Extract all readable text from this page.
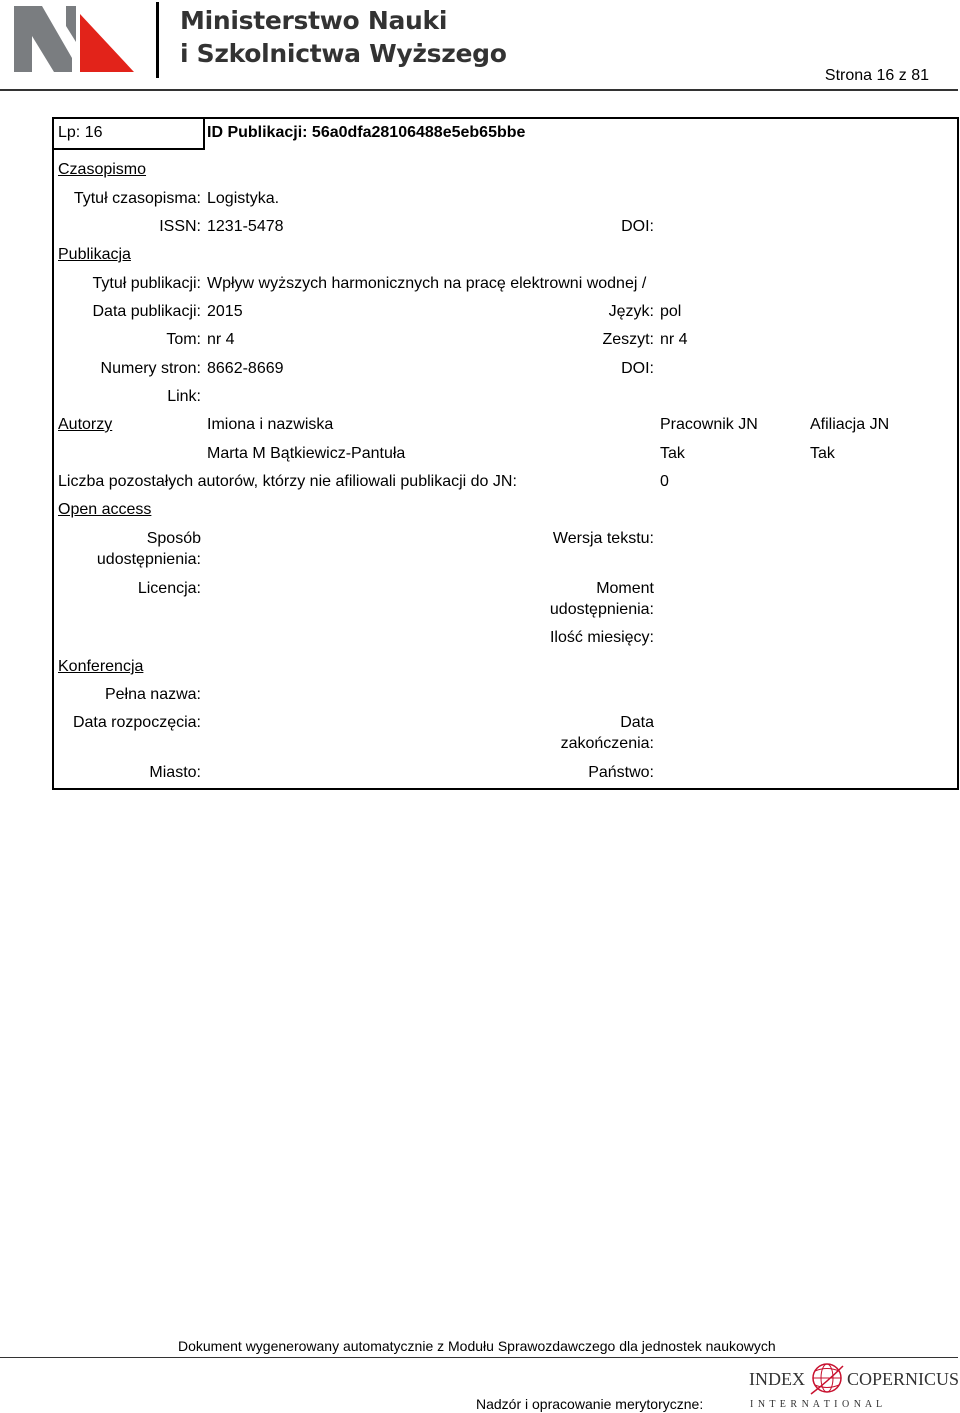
Ministerstwo Nauki
i Szkolnictwa Wyższego
Strona 16 z 81
Lp: 16	ID Publikacji: 56a0dfa28106488e5eb65bbe
Czasopismo
Tytuł czasopisma: Logistyka.
ISSN: 1231-5478	DOI:
Publikacja
Tytuł publikacji: Wpływ wyższych harmonicznych na pracę elektrowni wodnej /
Data publikacji: 2015	Język: pol
Tom: nr 4	Zeszyt: nr 4
Numery stron: 8662-8669	DOI:
Link:
Autorzy	Imiona i nazwiska	Pracownik JN	Afiliacja JN
Marta M Bątkiewicz-Pantuła	Tak	Tak
Liczba pozostałych autorów, którzy nie afiliowali publikacji do JN:	0
Open access
Sposób
udostępnienia:
Wersja tekstu:
Licencja:	Moment
udostępnienia:
Ilość miesięcy:
Konferencja
Pełna nazwa:
Data rozpoczęcia:	Data
zakończenia:
Miasto:	Państwo:
Dokument wygenerowany automatycznie z Modułu Sprawozdawczego dla jednostek naukowych
Nadzór i opracowanie merytoryczne:
INDEX COPERNICUS
I N T E R N A T I O N A L
